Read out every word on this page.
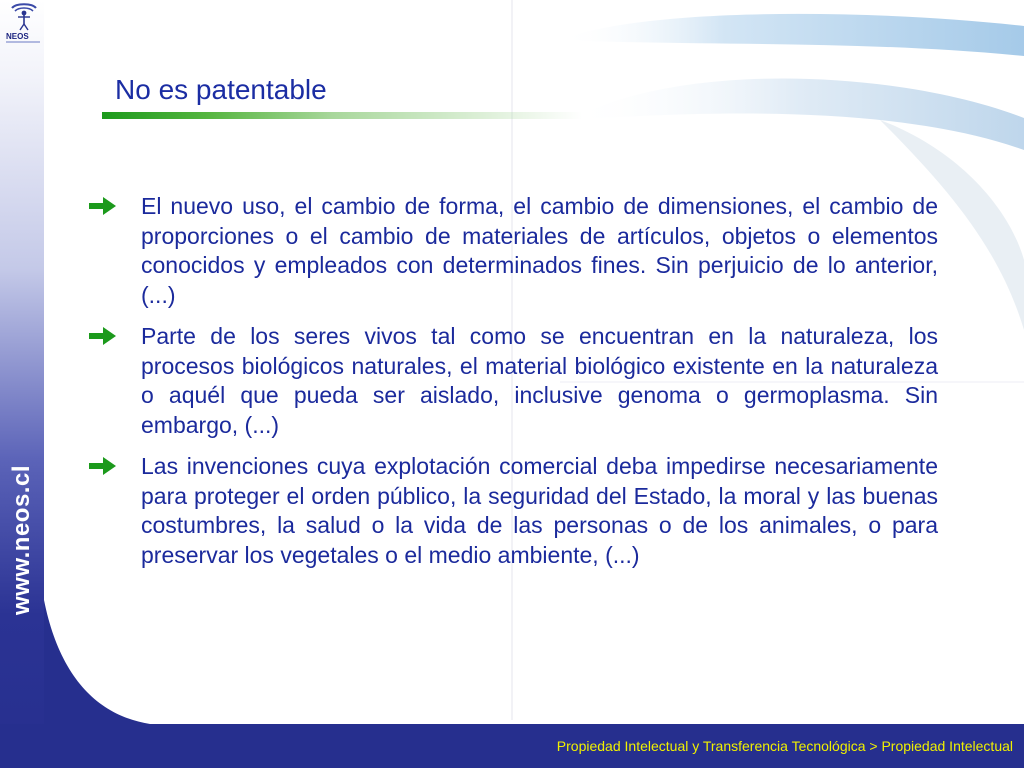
www.neos.cl
NEOS
No es patentable
El nuevo uso, el cambio de forma, el cambio de dimensiones, el cambio de proporciones o el cambio de materiales de artículos, objetos o elementos conocidos y empleados con determinados fines. Sin perjuicio de lo anterior, (...)
Parte de los seres vivos tal como se encuentran en la naturaleza, los procesos biológicos naturales, el material biológico existente en la naturaleza o aquél que pueda ser aislado, inclusive genoma o germoplasma. Sin embargo, (...)
Las invenciones cuya explotación comercial deba impedirse necesariamente para proteger el orden público, la seguridad del Estado, la moral y las buenas costumbres, la salud o la vida de las personas o de los animales, o para preservar los vegetales o el medio ambiente, (...)
Propiedad Intelectual y Transferencia Tecnológica > Propiedad Intelectual
